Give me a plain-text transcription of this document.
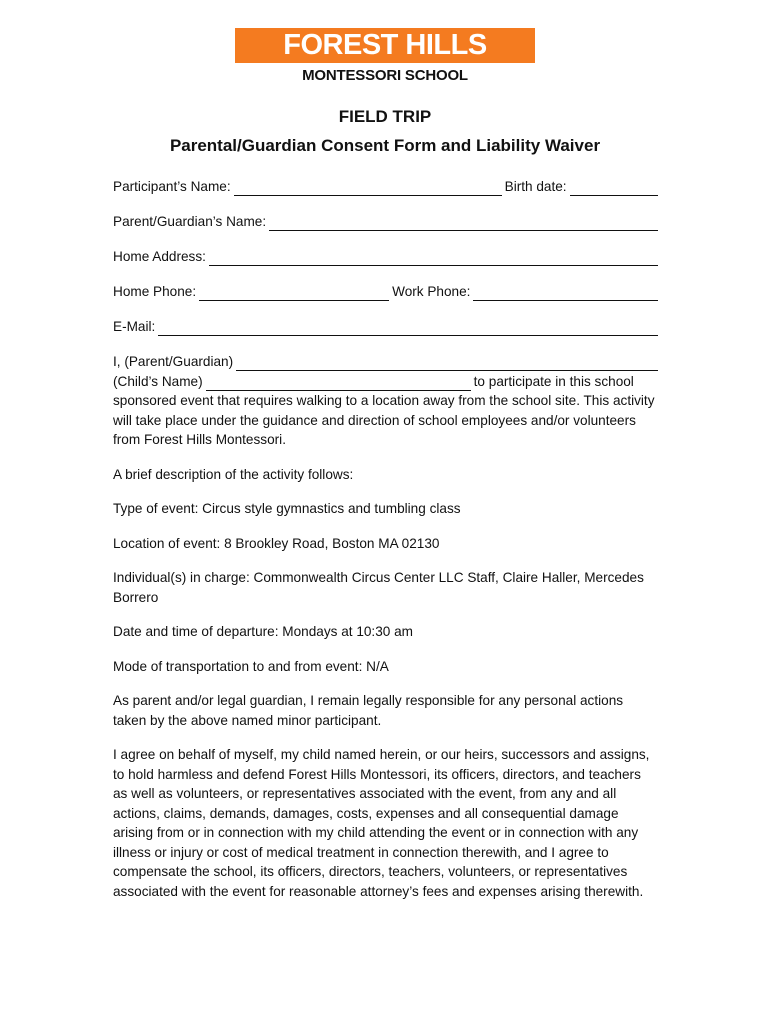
FOREST HILLS
MONTESSORI SCHOOL
FIELD TRIP
Parental/Guardian Consent Form and Liability Waiver
Participant’s Name:	Birth date:
Parent/Guardian’s Name:
Home Address:
Home Phone:	Work Phone:
E-Mail:
I, (Parent/Guardian)
(Child’s Name)	to participate in this school
sponsored event that requires walking to a location away from the school site. This activity will take place under the guidance and direction of school employees and/or volunteers from Forest Hills Montessori.

A brief description of the activity follows:

Type of event: Circus style gymnastics and tumbling class

Location of event: 8 Brookley Road, Boston MA 02130

Individual(s) in charge: Commonwealth Circus Center LLC Staff, Claire Haller, Mercedes Borrero

Date and time of departure: Mondays at 10:30 am

Mode of transportation to and from event: N/A

As parent and/or legal guardian, I remain legally responsible for any personal actions taken by the above named minor participant.

I agree on behalf of myself, my child named herein, or our heirs, successors and assigns, to hold harmless and defend Forest Hills Montessori, its officers, directors, and teachers as well as volunteers, or representatives associated with the event, from any and all actions, claims, demands, damages, costs, expenses and all consequential damage arising from or in connection with my child attending the event or in connection with any illness or injury or cost of medical treatment in connection therewith, and I agree to compensate the school, its officers, directors, teachers, volunteers, or representatives associated with the event for reasonable attorney’s fees and expenses arising therewith.
